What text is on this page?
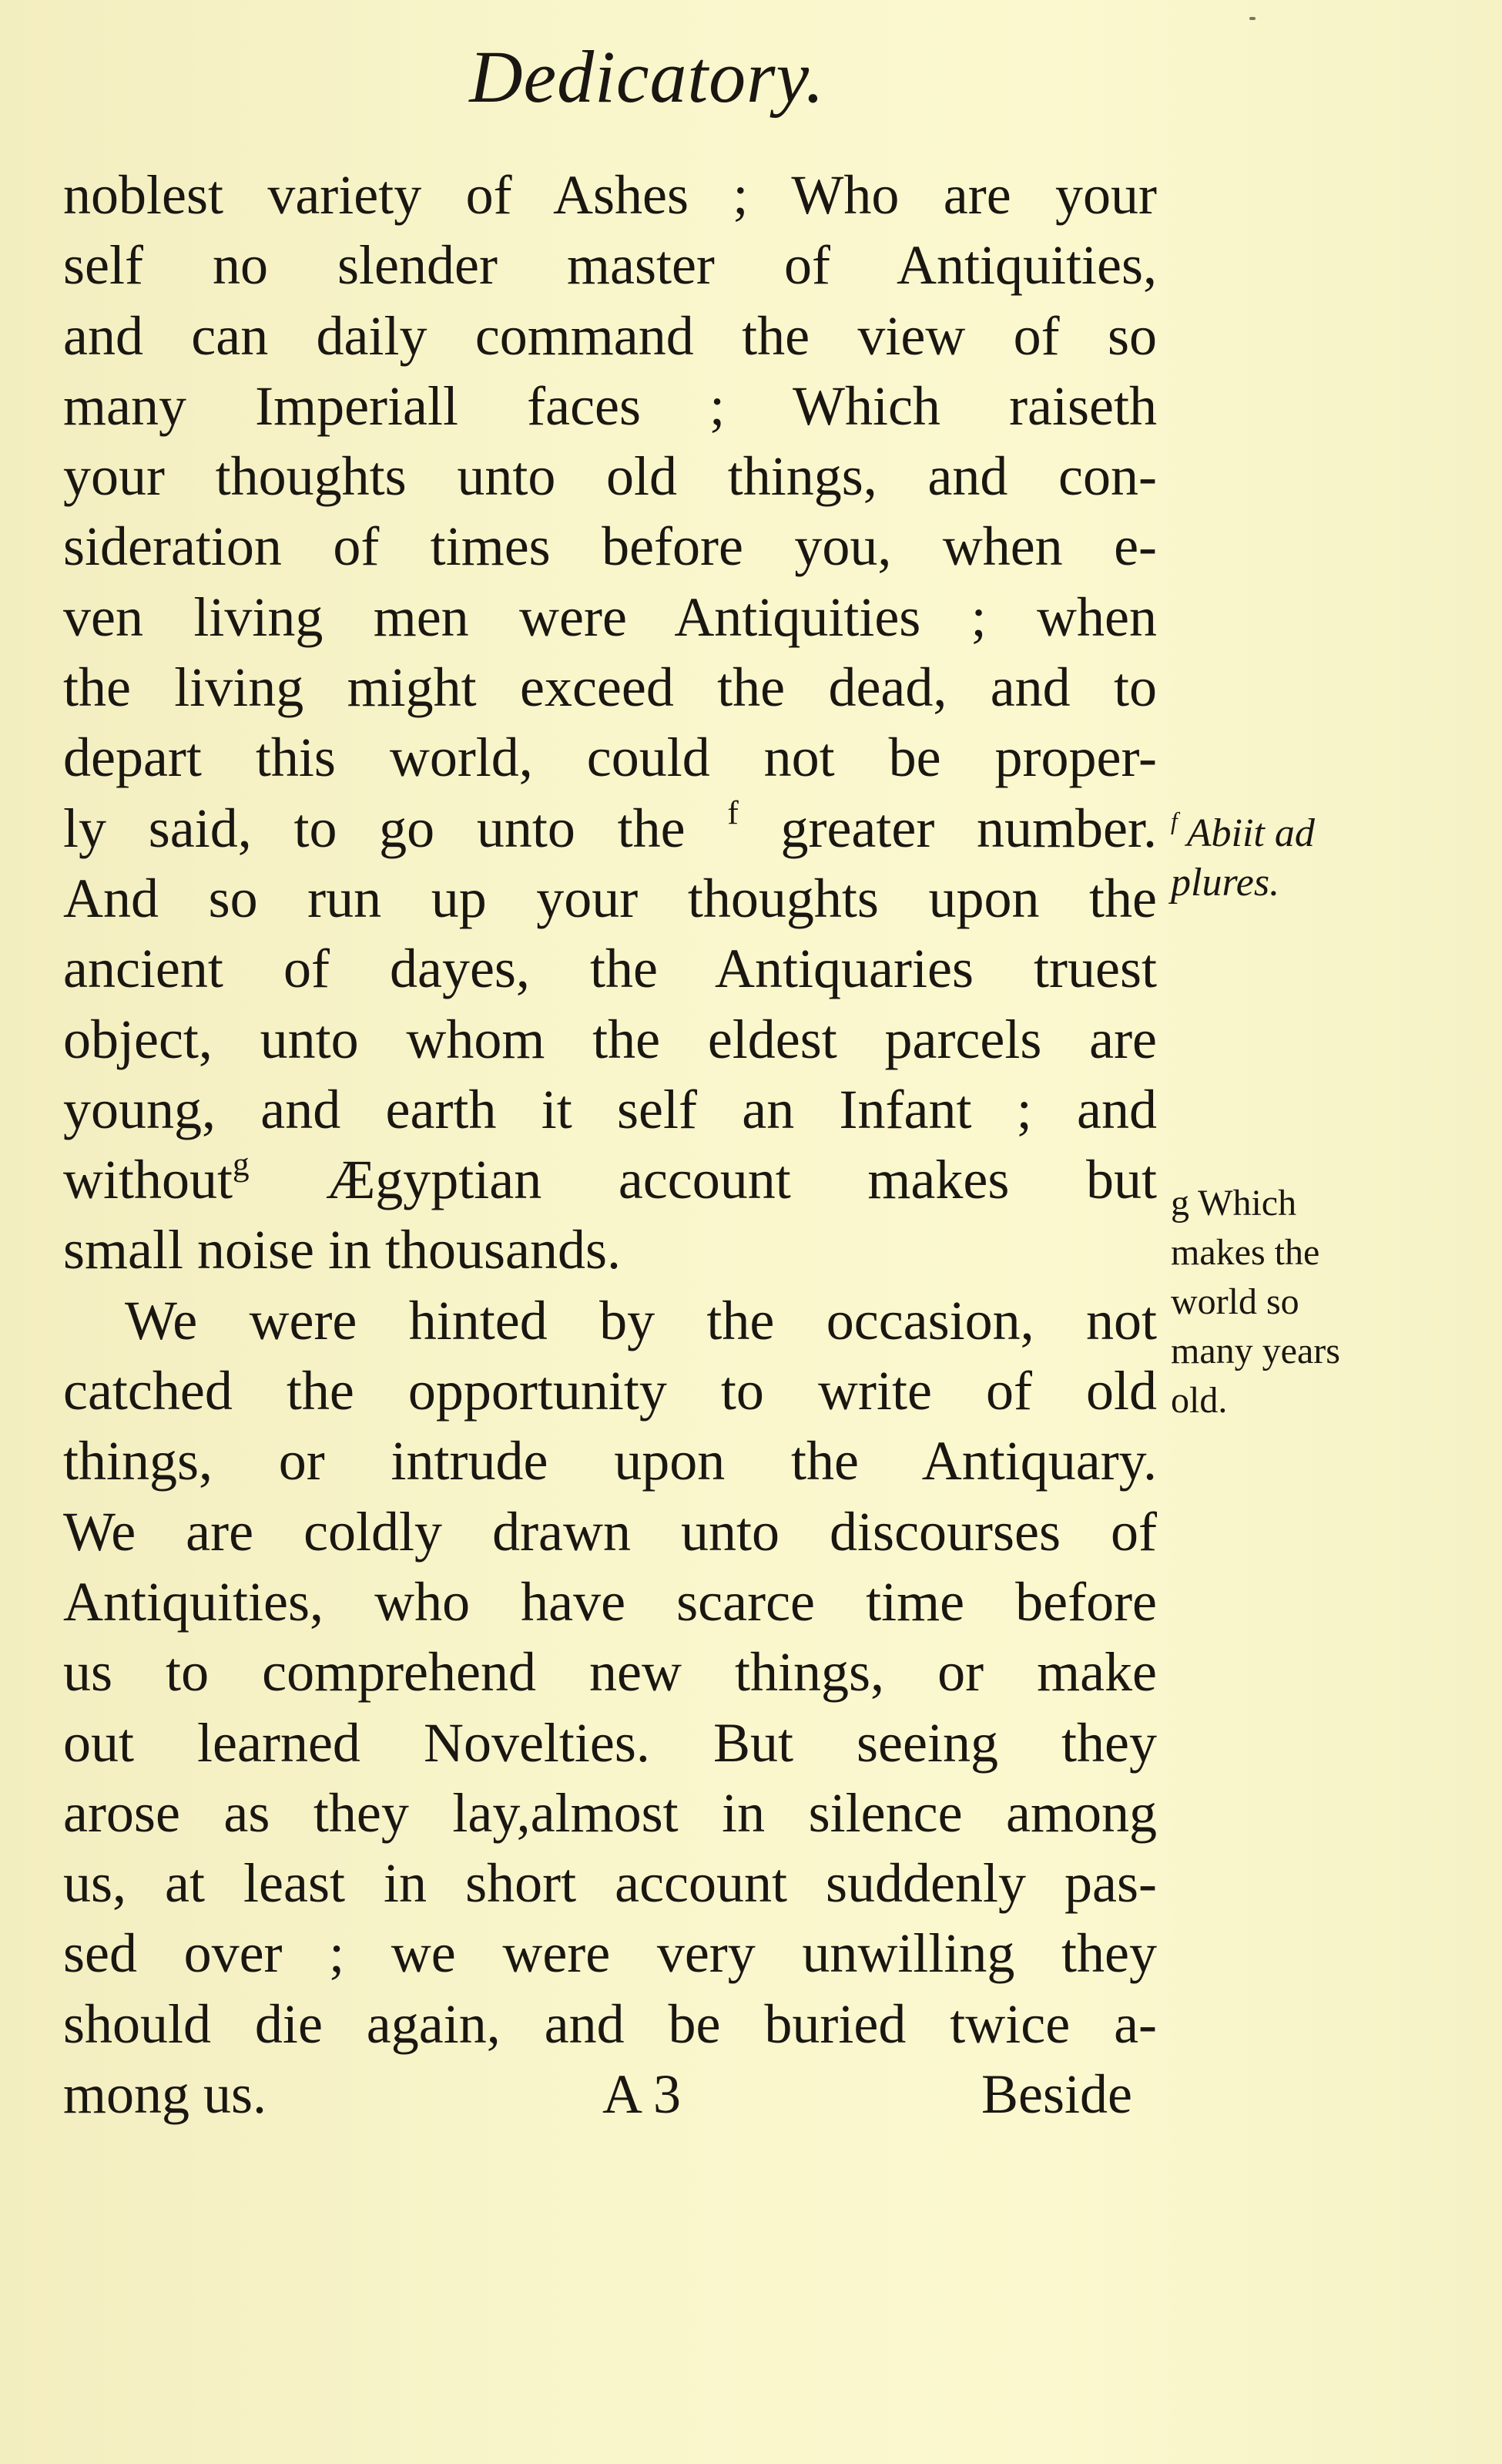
Dedicatory.
noblest variety of Ashes ; Who are your
self no slender master of Antiquities,
and can daily command the view of so
many Imperiall faces ; Which raiseth
your thoughts unto old things, and con-
sideration of times before you, when e-
ven living men were Antiquities ; when
the living might exceed the dead, and to
depart this world, could not be proper-
ly said, to go unto the $^f$ greater number.
And so run up your thoughts upon the
ancient of dayes, the Antiquaries truest
object, unto whom the eldest parcels are
young, and earth it self an Infant ; and
without$^g$ Ægyptian account makes but
small noise in thousands.
We were hinted by the occasion, not
catched the opportunity to write of old
things, or intrude upon the Antiquary.
We are coldly drawn unto discourses of
Antiquities, who have scarce time before
us to comprehend new things, or make
out learned Novelties. But seeing they
arose as they lay,almost in silence among
us, at least in short account suddenly pas-
sed over ; we were very unwilling they
should die again, and be buried twice a-
mong us.	A 3	Beside
$^f$ Abiit ad
plures.
g Which
makes the
world so
many years
old.
